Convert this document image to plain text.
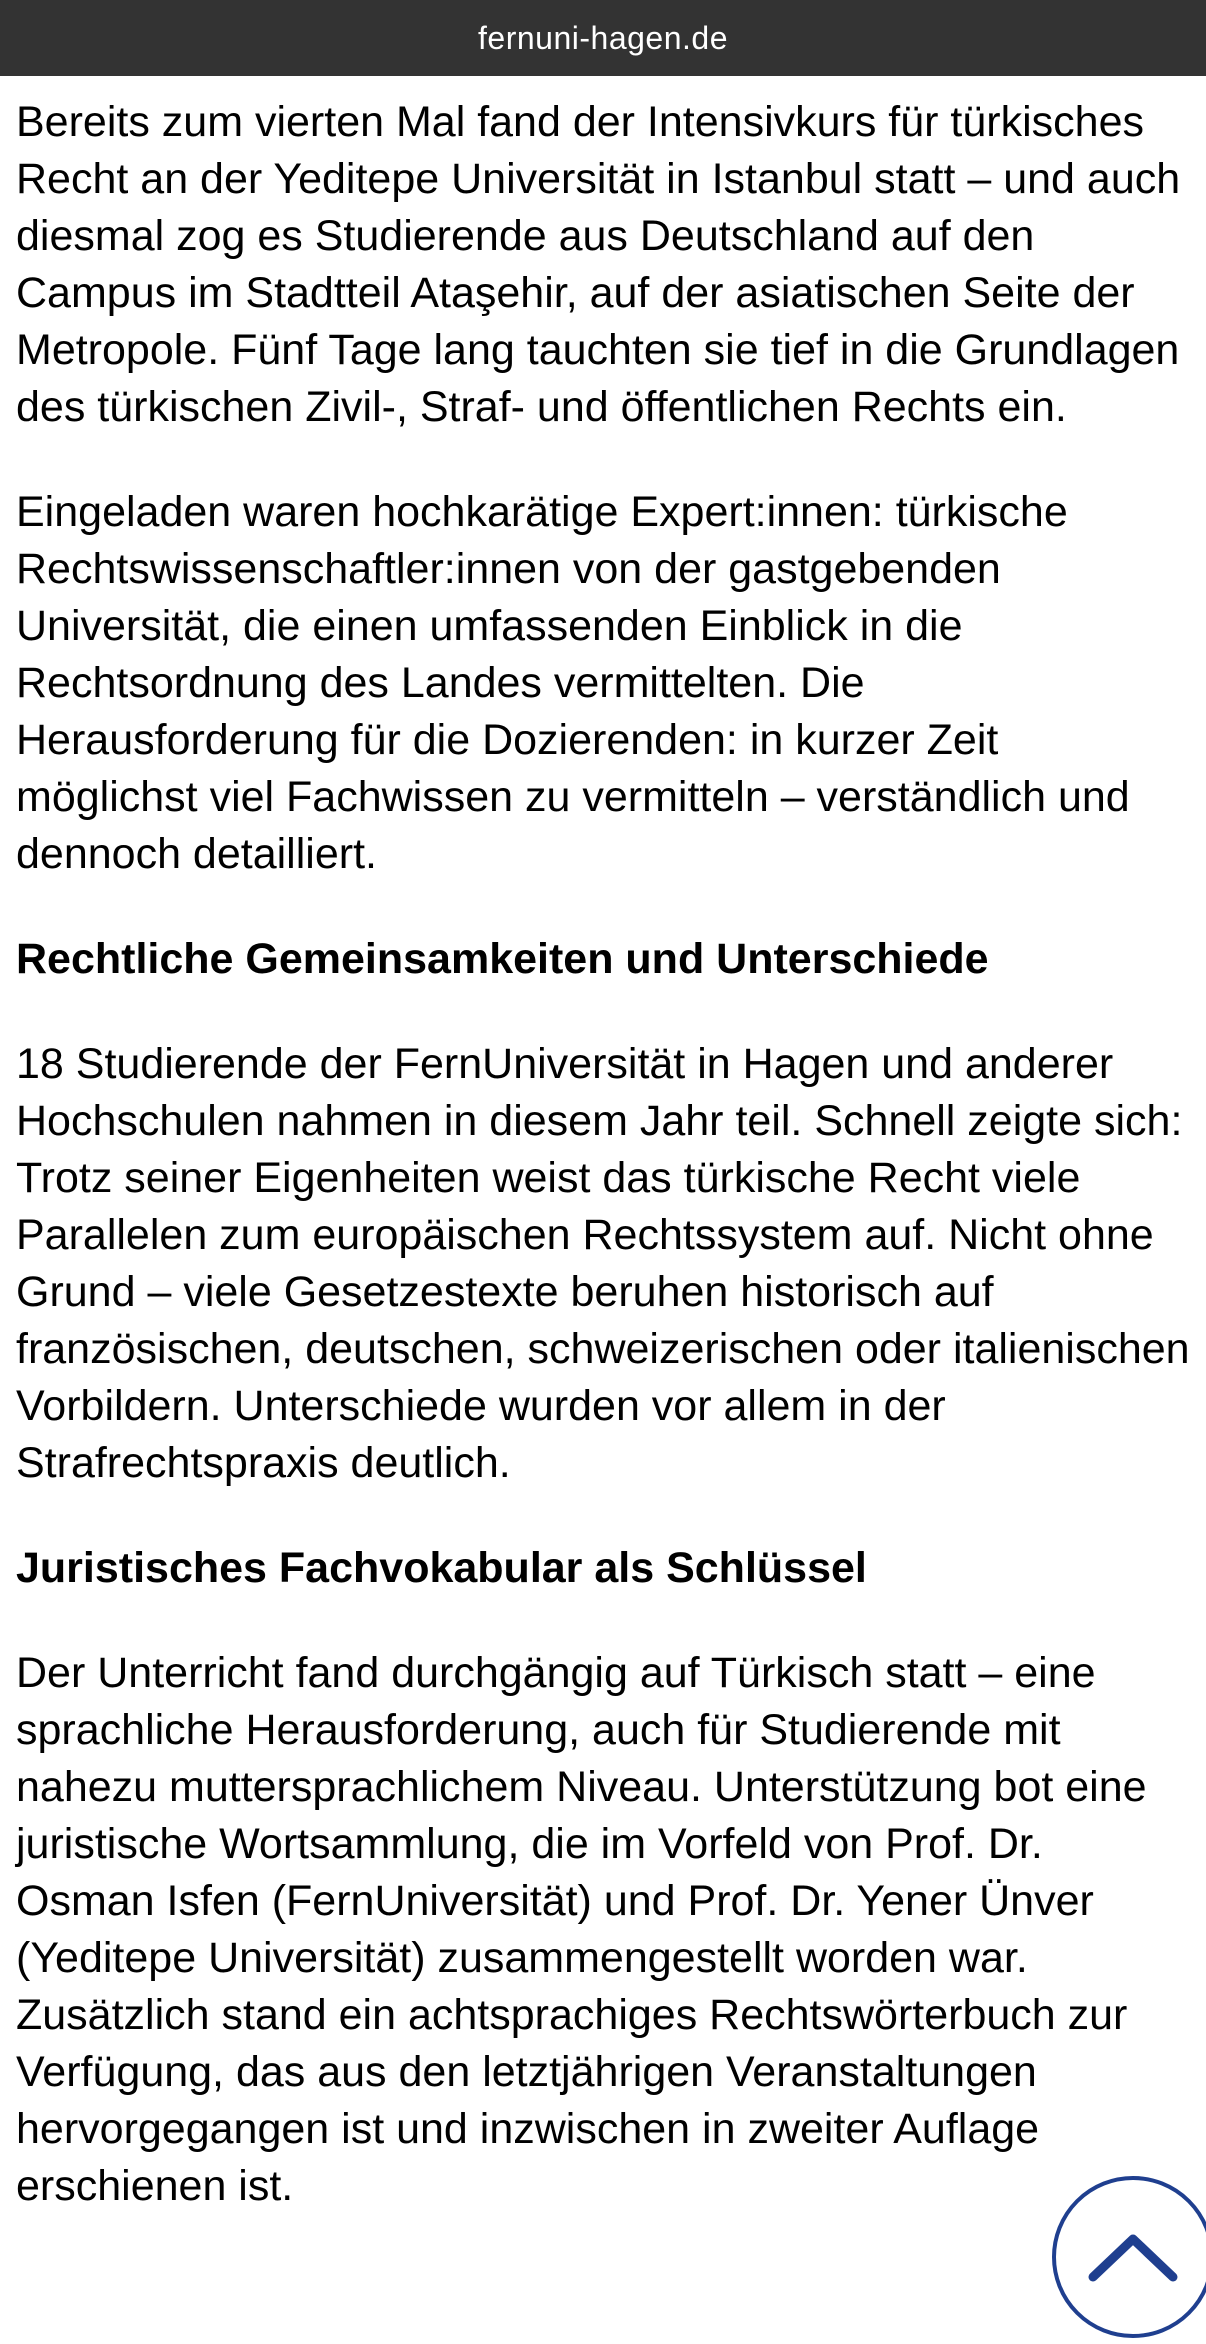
fernuni-hagen.de

Bereits zum vierten Mal fand der Intensivkurs für türkisches Recht an der Yeditepe Universität in Istanbul statt – und auch diesmal zog es Studierende aus Deutschland auf den Campus im Stadtteil Ataşehir, auf der asiatischen Seite der Metropole. Fünf Tage lang tauchten sie tief in die Grundlagen des türkischen Zivil-, Straf- und öffentlichen Rechts ein.

Eingeladen waren hochkarätige Expert:innen: türkische Rechtswissenschaftler:innen von der gastgebenden Universität, die einen umfassenden Einblick in die Rechtsordnung des Landes vermittelten. Die Herausforderung für die Dozierenden: in kurzer Zeit möglichst viel Fachwissen zu vermitteln – verständlich und dennoch detailliert.

Rechtliche Gemeinsamkeiten und Unterschiede

18 Studierende der FernUniversität in Hagen und anderer Hochschulen nahmen in diesem Jahr teil. Schnell zeigte sich: Trotz seiner Eigenheiten weist das türkische Recht viele Parallelen zum europäischen Rechtssystem auf. Nicht ohne Grund – viele Gesetzestexte beruhen historisch auf französischen, deutschen, schweizerischen oder italienischen Vorbildern. Unterschiede wurden vor allem in der Strafrechtspraxis deutlich.

Juristisches Fachvokabular als Schlüssel

Der Unterricht fand durchgängig auf Türkisch statt – eine sprachliche Herausforderung, auch für Studierende mit nahezu muttersprachlichem Niveau. Unterstützung bot eine juristische Wortsammlung, die im Vorfeld von Prof. Dr. Osman Isfen (FernUniversität) und Prof. Dr. Yener Ünver (Yeditepe Universität) zusammengestellt worden war. Zusätzlich stand ein achtsprachiges Rechtswörterbuch zur Verfügung, das aus den letztjährigen Veranstaltungen hervorgegangen ist und inzwischen in zweiter Auflage erschienen ist.
